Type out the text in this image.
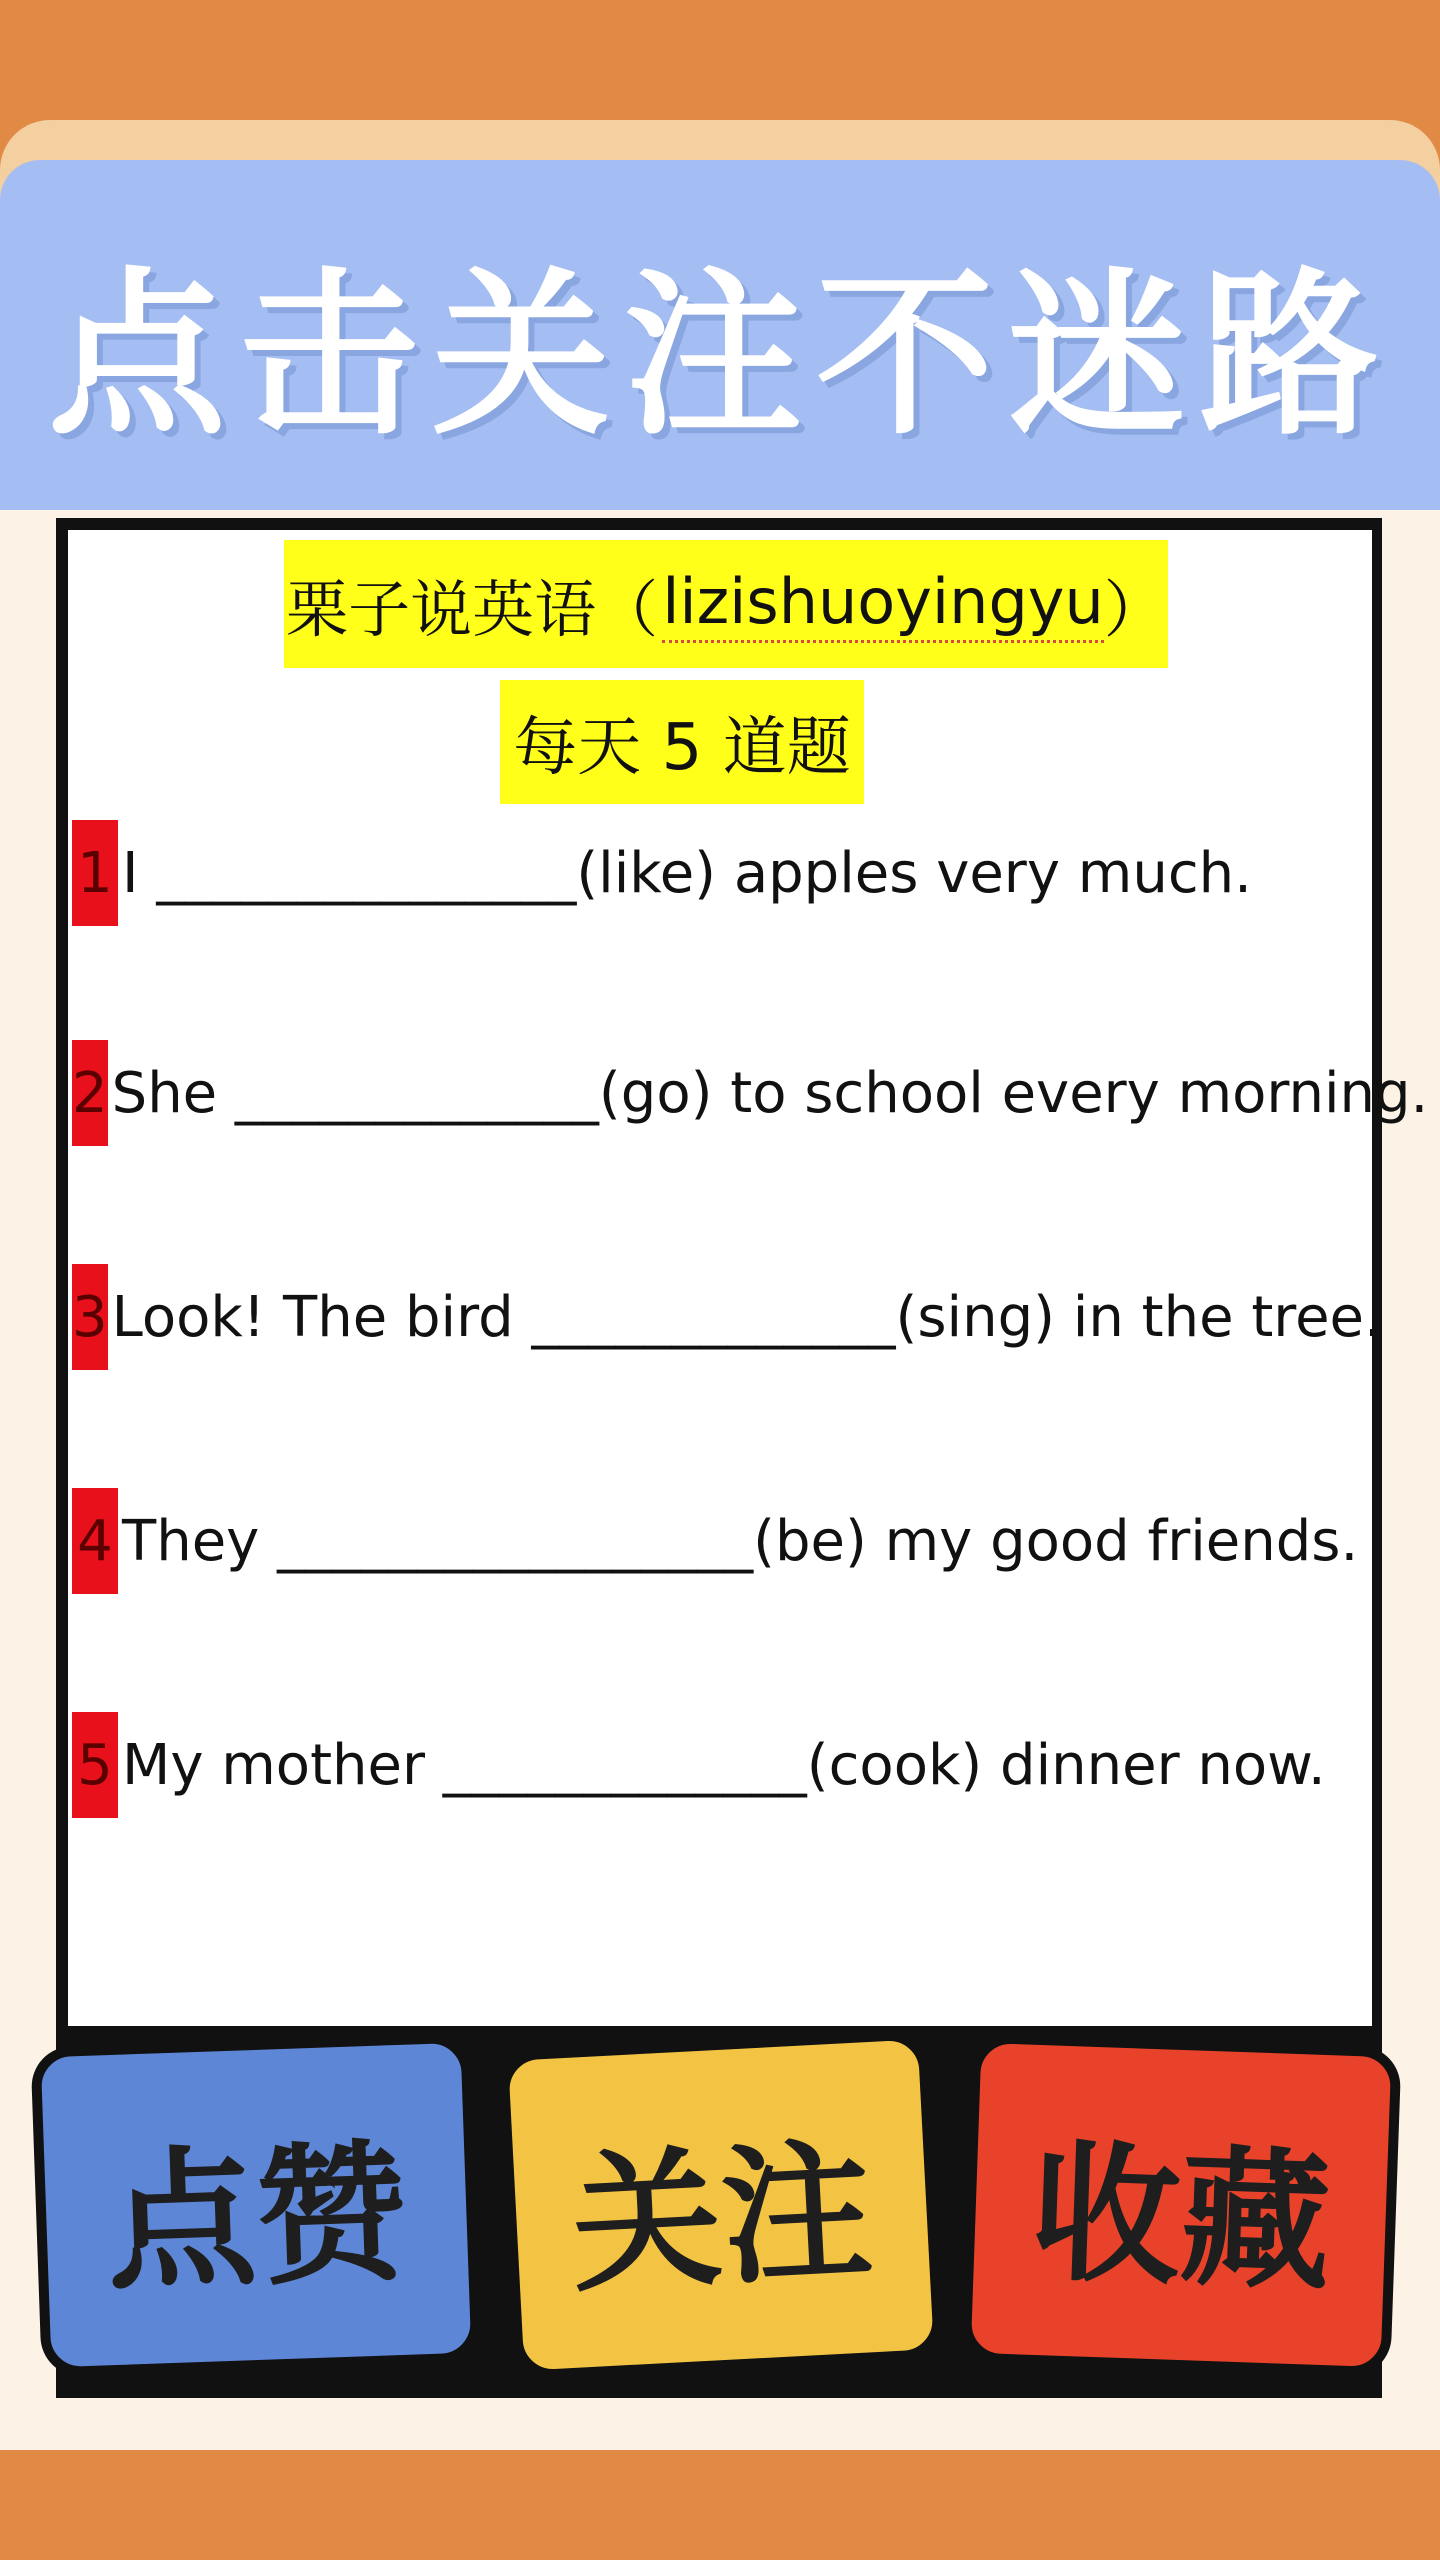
点击关注不迷路
栗子说英语（ lizishuoyingyu ）
每天 5 道题
1 I _______________(like) apples very much.
2 She _____________(go) to school every morning.
3 Look! The bird _____________(sing) in the tree.
4 They _________________(be) my good friends.
5 My mother _____________(cook) dinner now.
点赞	关注	收藏
